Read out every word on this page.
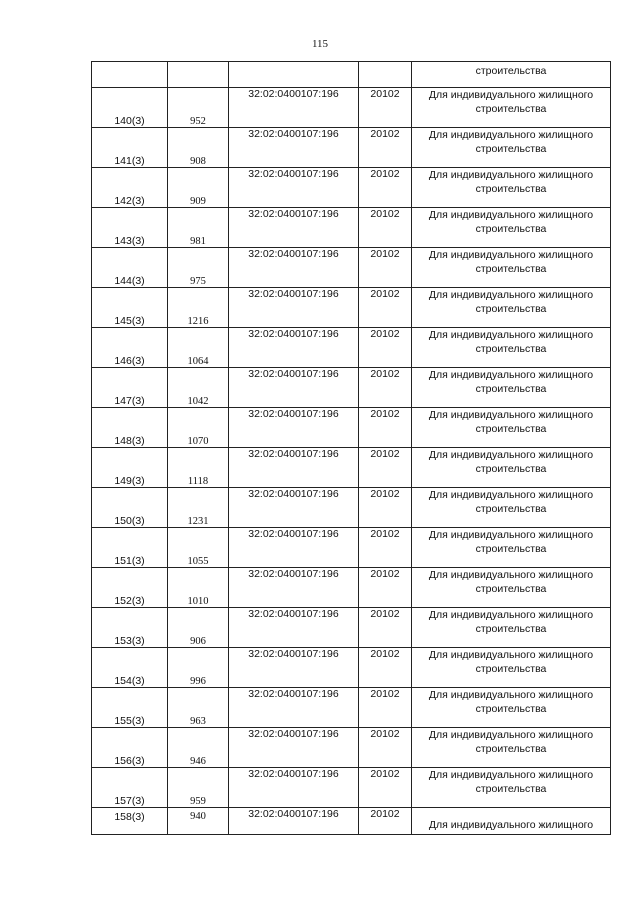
115
				строительства
140(3)	952	32:02:0400107:196	20102	Для индивидуального жилищного строительства
141(3)	908	32:02:0400107:196	20102	Для индивидуального жилищного строительства
142(3)	909	32:02:0400107:196	20102	Для индивидуального жилищного строительства
143(3)	981	32:02:0400107:196	20102	Для индивидуального жилищного строительства
144(3)	975	32:02:0400107:196	20102	Для индивидуального жилищного строительства
145(3)	1216	32:02:0400107:196	20102	Для индивидуального жилищного строительства
146(3)	1064	32:02:0400107:196	20102	Для индивидуального жилищного строительства
147(3)	1042	32:02:0400107:196	20102	Для индивидуального жилищного строительства
148(3)	1070	32:02:0400107:196	20102	Для индивидуального жилищного строительства
149(3)	1118	32:02:0400107:196	20102	Для индивидуального жилищного строительства
150(3)	1231	32:02:0400107:196	20102	Для индивидуального жилищного строительства
151(3)	1055	32:02:0400107:196	20102	Для индивидуального жилищного строительства
152(3)	1010	32:02:0400107:196	20102	Для индивидуального жилищного строительства
153(3)	906	32:02:0400107:196	20102	Для индивидуального жилищного строительства
154(3)	996	32:02:0400107:196	20102	Для индивидуального жилищного строительства
155(3)	963	32:02:0400107:196	20102	Для индивидуального жилищного строительства
156(3)	946	32:02:0400107:196	20102	Для индивидуального жилищного строительства
157(3)	959	32:02:0400107:196	20102	Для индивидуального жилищного строительства
158(3)	940	32:02:0400107:196	20102	Для индивидуального жилищного
